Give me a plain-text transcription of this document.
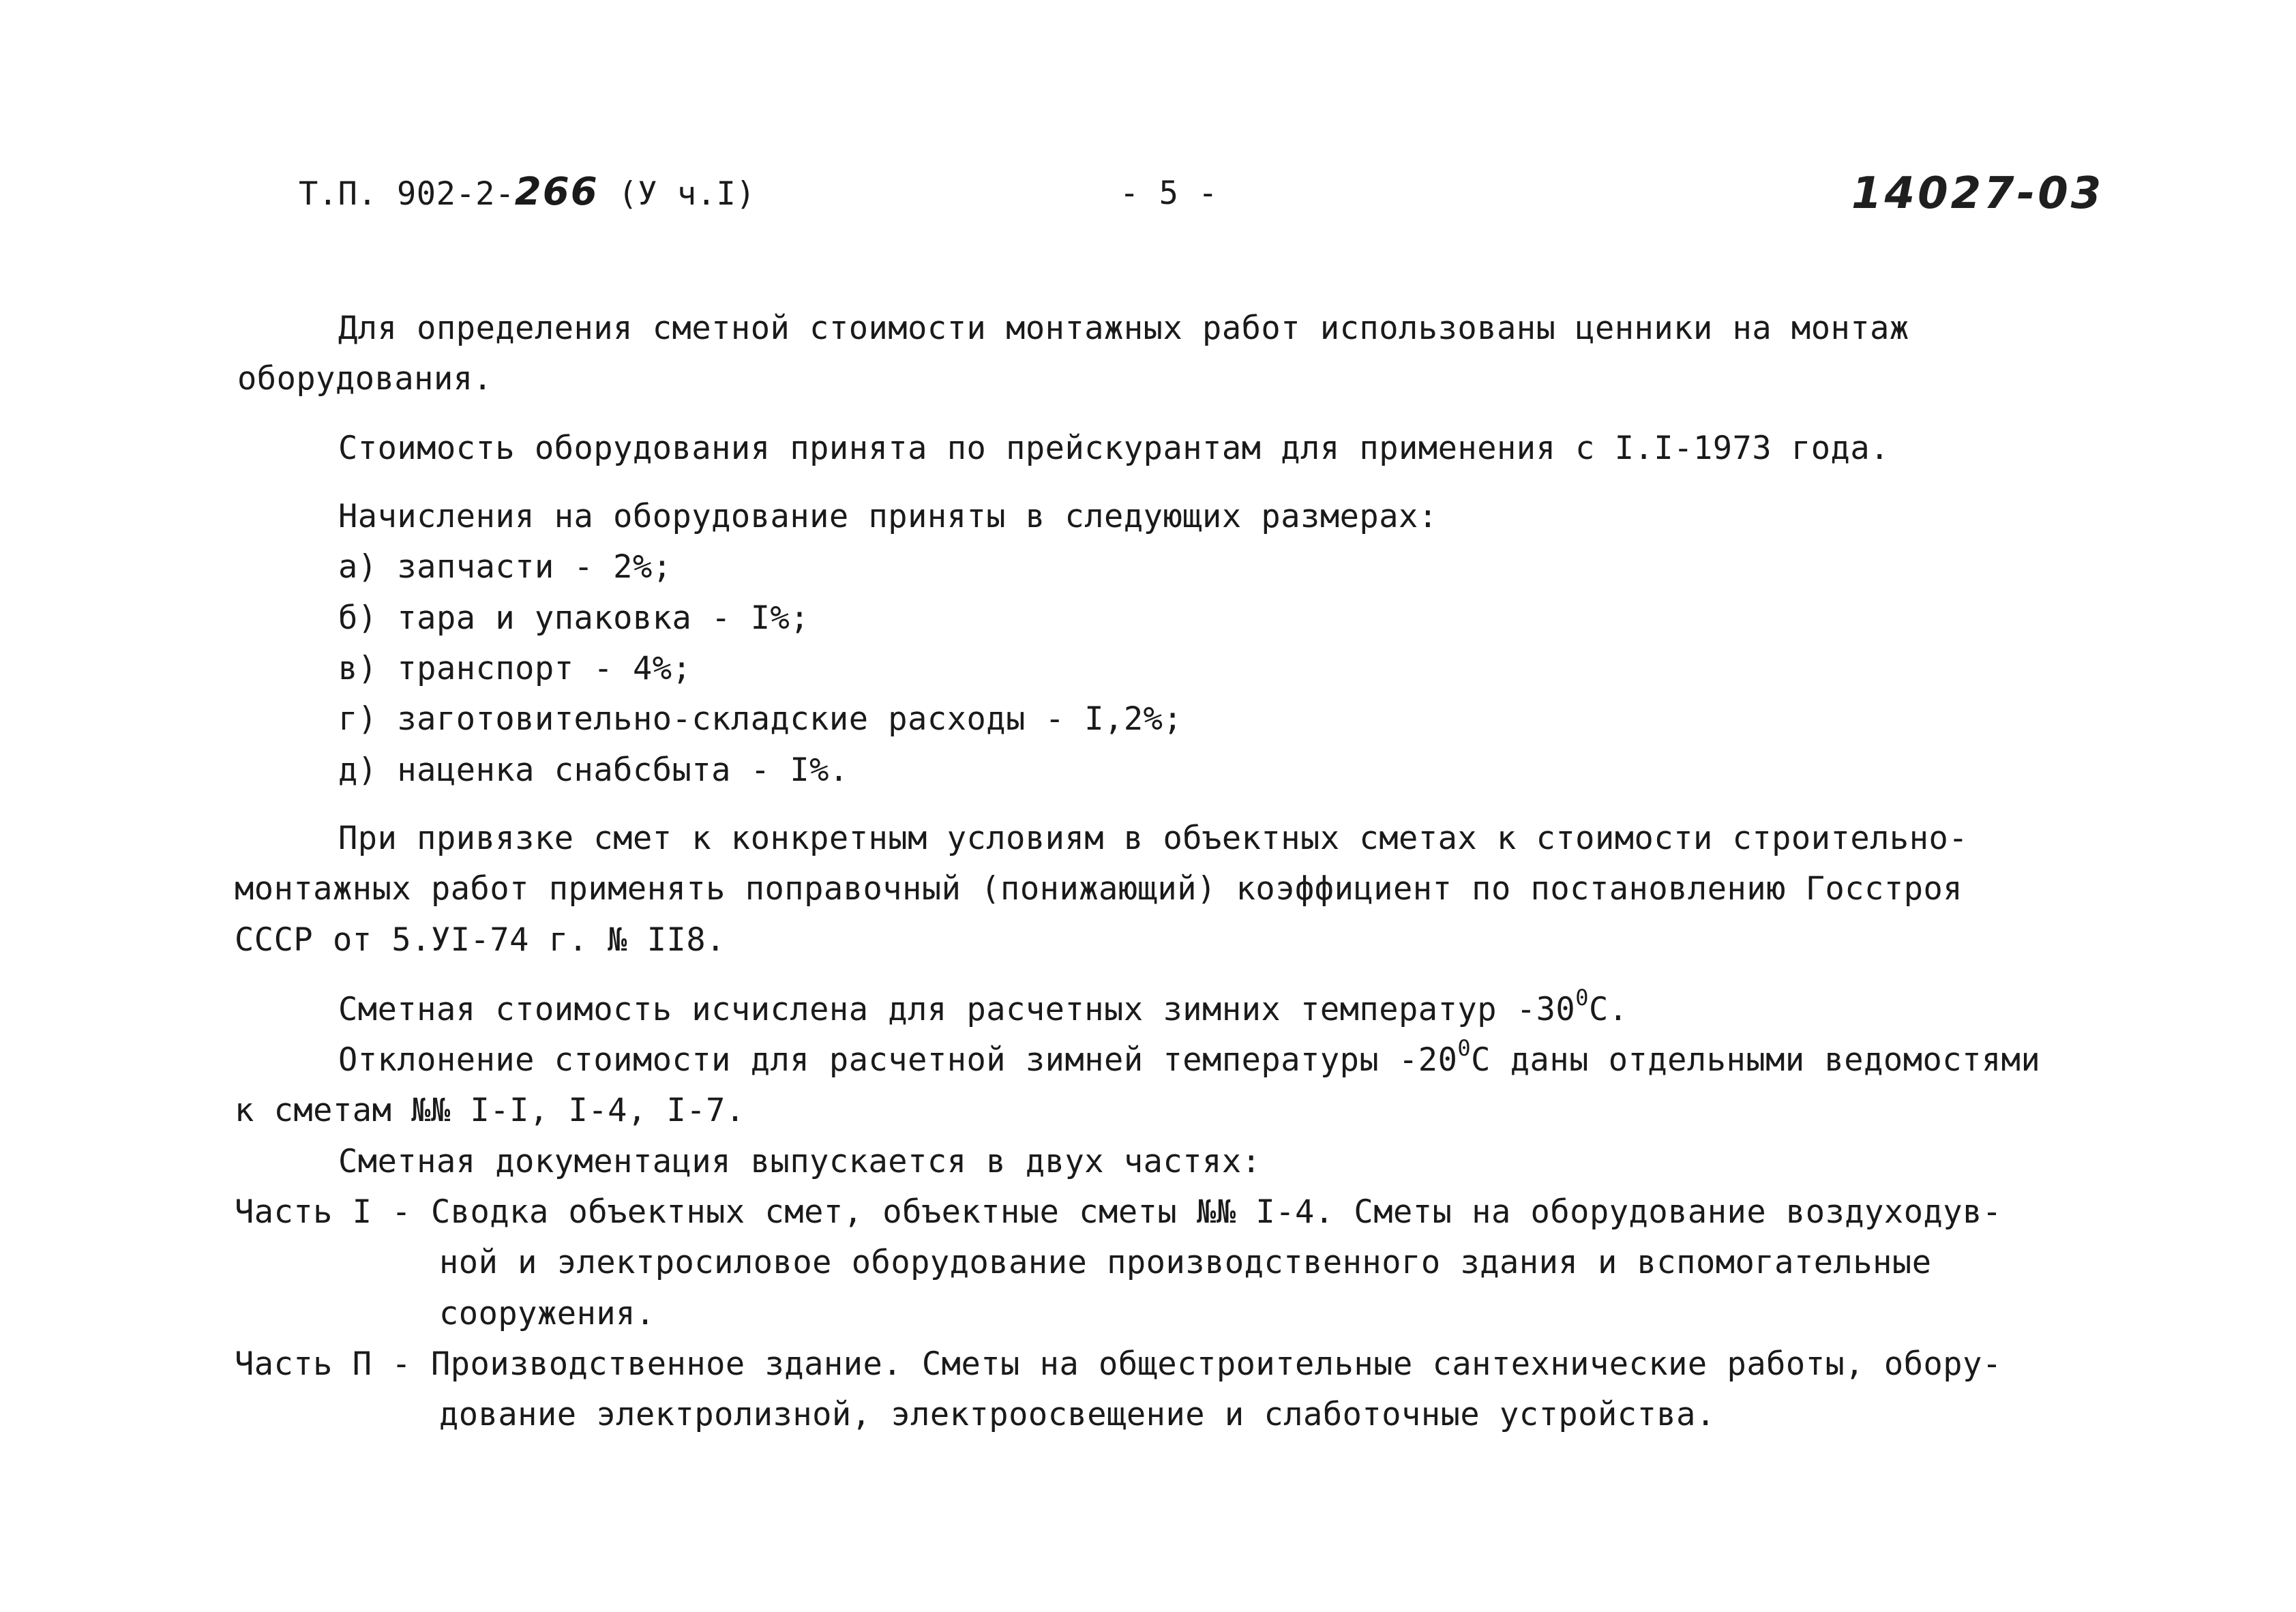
Т.П. 902-2-266 (У ч.I)	- 5 -	14027-03
Для определения сметной стоимости монтажных работ использованы ценники на монтаж
оборудования.
Стоимость оборудования принята по прейскурантам для применения с I.I-1973 года.
Начисления на оборудование приняты в следующих размерах:
а) запчасти - 2%;
б) тара и упаковка - I%;
в) транспорт - 4%;
г) заготовительно-складские расходы - I,2%;
д) наценка снабсбыта - I%.
При привязке смет к конкретным условиям в объектных сметах к стоимости строительно-
монтажных работ применять поправочный (понижающий) коэффициент по постановлению Госстроя
СССР от 5.УI-74 г. № II8.
Сметная стоимость исчислена для расчетных зимних температур $-30^0С$.
Отклонение стоимости для расчетной зимней температуры $-20^0С$ даны отдельными ведомостями
к сметам №№ I-I, I-4, I-7.
Сметная документация выпускается в двух частях:
Часть I - Сводка объектных смет, объектные сметы №№ I-4. Сметы на оборудование воздуходув-
ной и электросиловое оборудование производственного здания и вспомогательные
сооружения.
Часть П - Производственное здание. Сметы на общестроительные сантехнические работы, обору-
дование электролизной, электроосвещение и слаботочные устройства.
